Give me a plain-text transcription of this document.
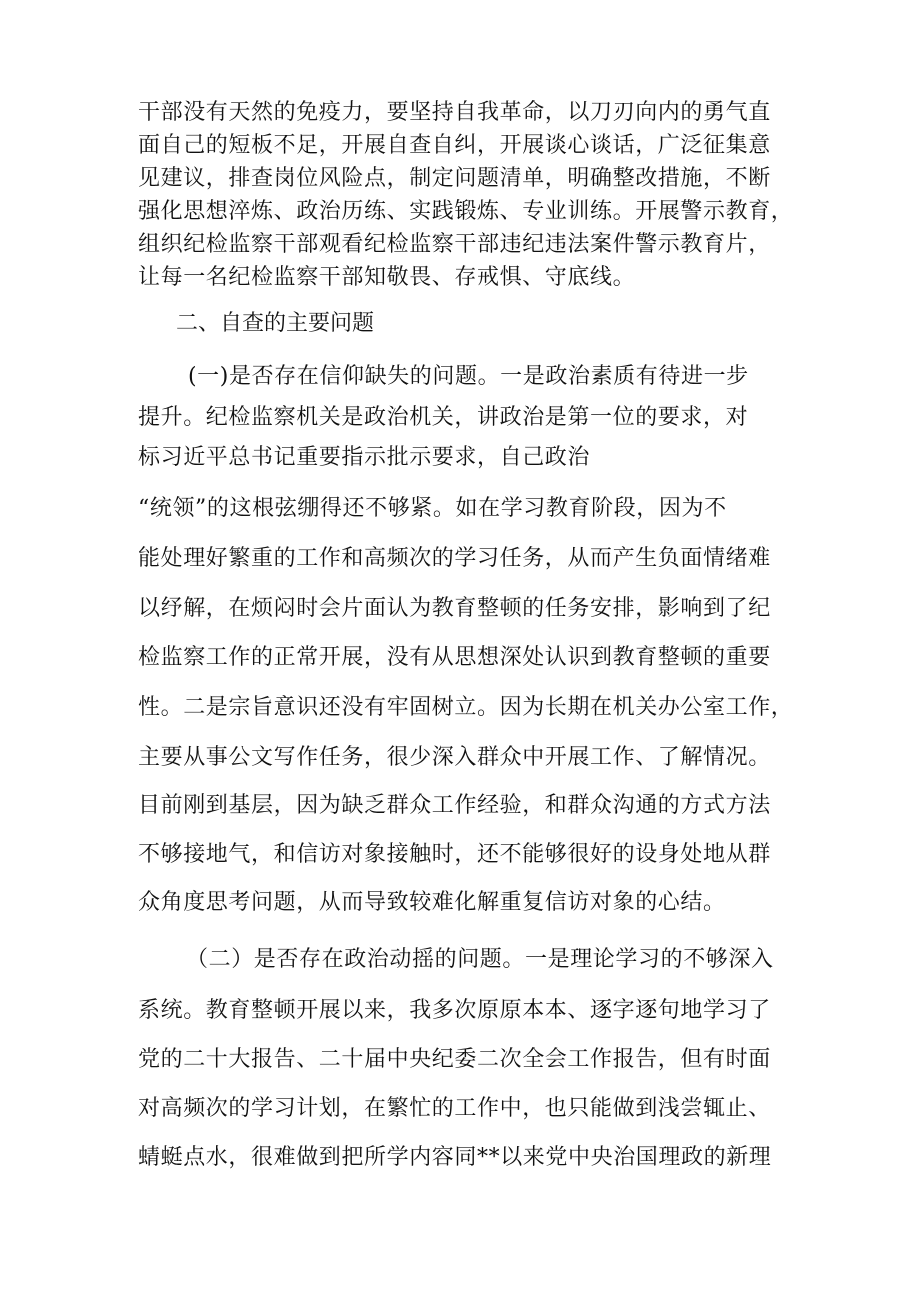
干部没有天然的免疫力，要坚持自我革命，以刀刃向内的勇气直
面自己的短板不足，开展自查自纠，开展谈心谈话，广泛征集意
见建议，排查岗位风险点，制定问题清单，明确整改措施，不断
强化思想淬炼、政治历练、实践锻炼、专业训练。开展警示教育，
组织纪检监察干部观看纪检监察干部违纪违法案件警示教育片，
让每一名纪检监察干部知敬畏、存戒惧、守底线。
二、自查的主要问题
(一)是否存在信仰缺失的问题。一是政治素质有待进一步
提升。纪检监察机关是政治机关，讲政治是第一位的要求，对
标习近平总书记重要指示批示要求，自己政治
“统领”的这根弦绷得还不够紧。如在学习教育阶段，因为不
能处理好繁重的工作和高频次的学习任务，从而产生负面情绪难
以纾解，在烦闷时会片面认为教育整顿的任务安排，影响到了纪
检监察工作的正常开展，没有从思想深处认识到教育整顿的重要
性。二是宗旨意识还没有牢固树立。因为长期在机关办公室工作，
主要从事公文写作任务，很少深入群众中开展工作、了解情况。
目前刚到基层，因为缺乏群众工作经验，和群众沟通的方式方法
不够接地气，和信访对象接触时，还不能够很好的设身处地从群
众角度思考问题，从而导致较难化解重复信访对象的心结。
（二）是否存在政治动摇的问题。一是理论学习的不够深入
系统。教育整顿开展以来，我多次原原本本、逐字逐句地学习了
党的二十大报告、二十届中央纪委二次全会工作报告，但有时面
对高频次的学习计划，在繁忙的工作中，也只能做到浅尝辄止、
蜻蜓点水，很难做到把所学内容同**以来党中央治国理政的新理
